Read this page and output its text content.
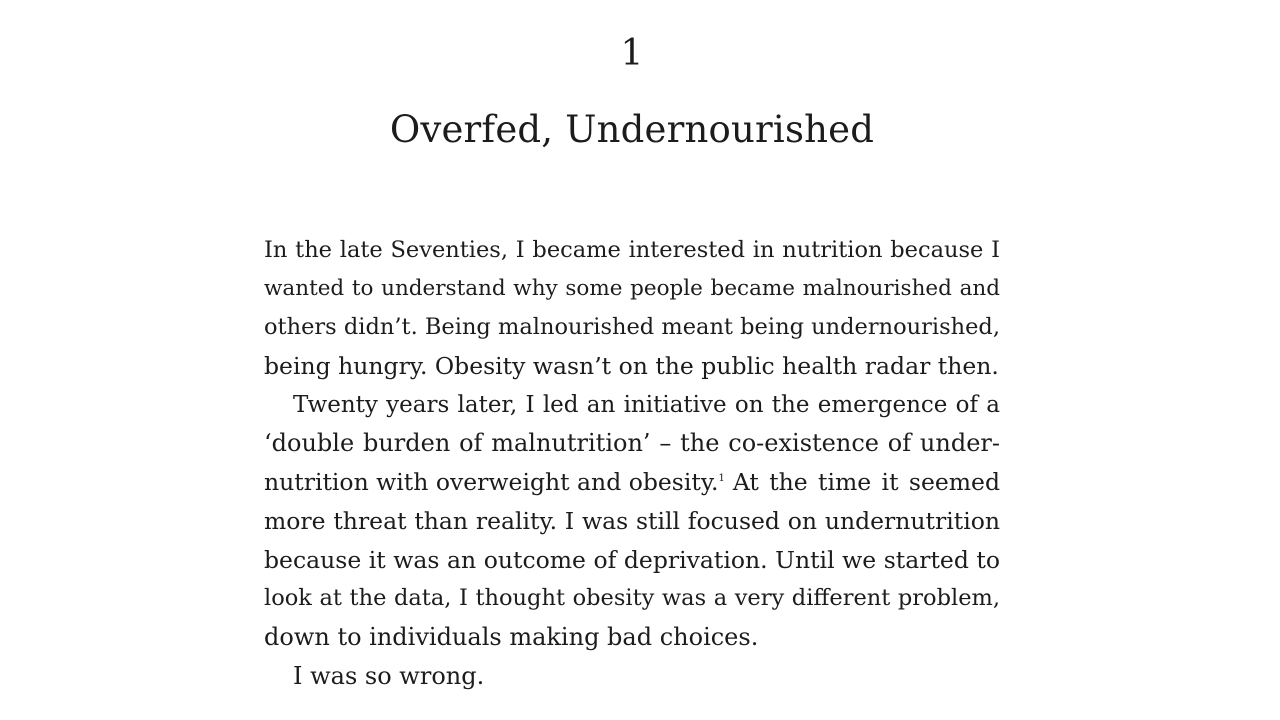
1
Overfed, Undernourished
In the late Seventies, I became interested in nutrition because I
wanted to understand why some people became malnourished and
others didn’t. Being malnourished meant being undernourished,
being hungry. Obesity wasn’t on the public health radar then.
Twenty years later, I led an initiative on the emergence of a
‘double burden of malnutrition’ – the co-existence of under-
nutrition with overweight and obesity.$^1$ At the time it seemed
more threat than reality. I was still focused on undernutrition
because it was an outcome of deprivation. Until we started to
look at the data, I thought obesity was a very different problem,
down to individuals making bad choices.
I was so wrong.
